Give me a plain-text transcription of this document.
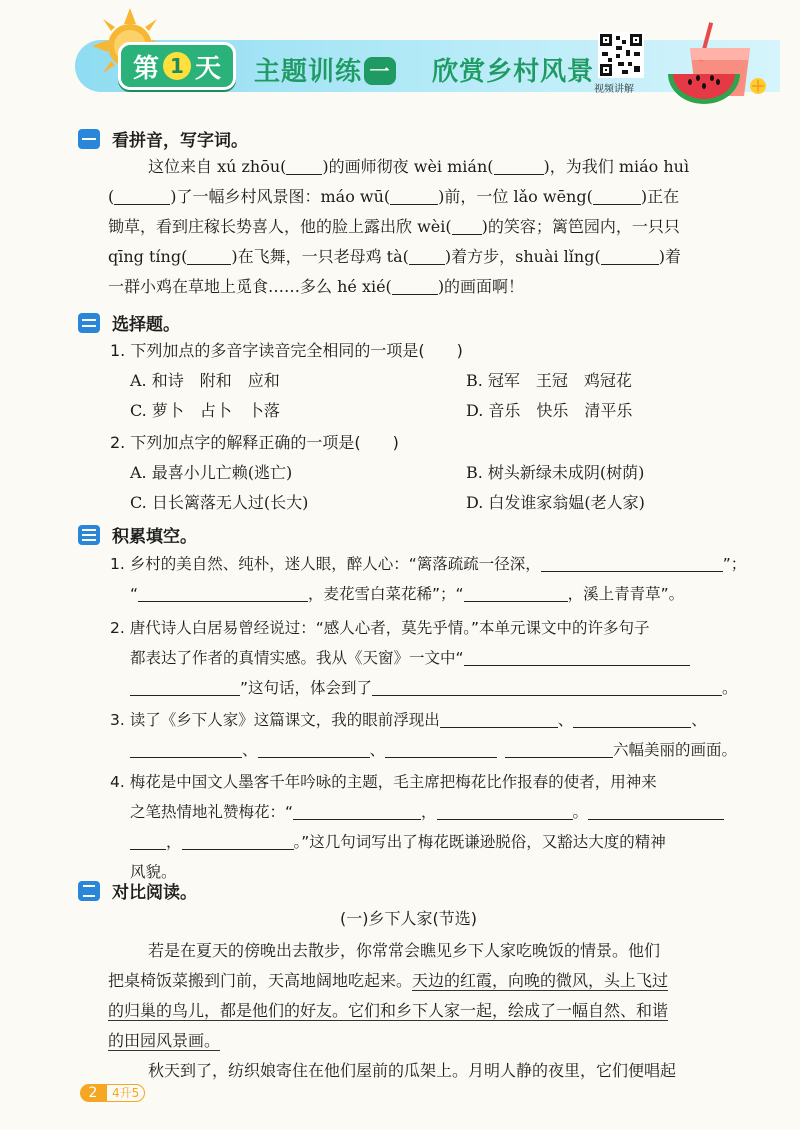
第 1 天 主题训练 一 欣赏乡村风景
视频讲解
看拼音，写字词。
这位来自 xú zhōu( )的画师彻夜 wèi mián(	)，为我们 miáo huì
(	)了一幅乡村风景图：máo wū(	)前，一位 lǎo wēng(	)正在
锄草，看到庄稼长势喜人，他的脸上露出欣 wèi( )的笑容；篱笆园内，一只只
qīng tíng(	)在飞舞，一只老母鸡 tà( )着方步，shuài lǐng(	)着
一群小鸡在草地上觅食……多么 hé xié(	)的画面啊！
选择题。
1. 下列加点的多音字读音完全相同的一项是(　　)
A. 和诗　附和　应和	B. 冠军　王冠　鸡冠花
C. 萝卜　占卜　卜落	D. 音乐　快乐　清平乐
2. 下列加点字的解释正确的一项是(　　)
A. 最喜小儿亡赖(逃亡)	B. 树头新绿未成阴(树荫)
C. 日长篱落无人过(长大)	D. 白发谁家翁媪(老人家)
积累填空。
1. 乡村的美自然、纯朴，迷人眼，醉人心：“篱落疏疏一径深，	”；
“	，麦花雪白菜花稀”；“	，溪上青青草”。
2. 唐代诗人白居易曾经说过：“感人心者，莫先乎情。”本单元课文中的许多句子
都表达了作者的真情实感。我从《天窗》一文中“
”这句话，体会到了	。
3. 读了《乡下人家》这篇课文，我的眼前浮现出	、	、
、	、	六幅美丽的画面。
4. 梅花是中国文人墨客千年吟咏的主题，毛主席把梅花比作报春的使者，用神来
之笔热情地礼赞梅花：“	，	。
，	。”这几句词写出了梅花既谦逊脱俗，又豁达大度的精神
风貌。
对比阅读。
(一)乡下人家(节选)
若是在夏天的傍晚出去散步，你常常会瞧见乡下人家吃晚饭的情景。他们
把桌椅饭菜搬到门前，天高地阔地吃起来。天边的红霞，向晚的微风，头上飞过
的归巢的鸟儿，都是他们的好友。它们和乡下人家一起，绘成了一幅自然、和谐
的田园风景画。
秋天到了，纺织娘寄住在他们屋前的瓜架上。月明人静的夜里，它们便唱起
2	4升5
